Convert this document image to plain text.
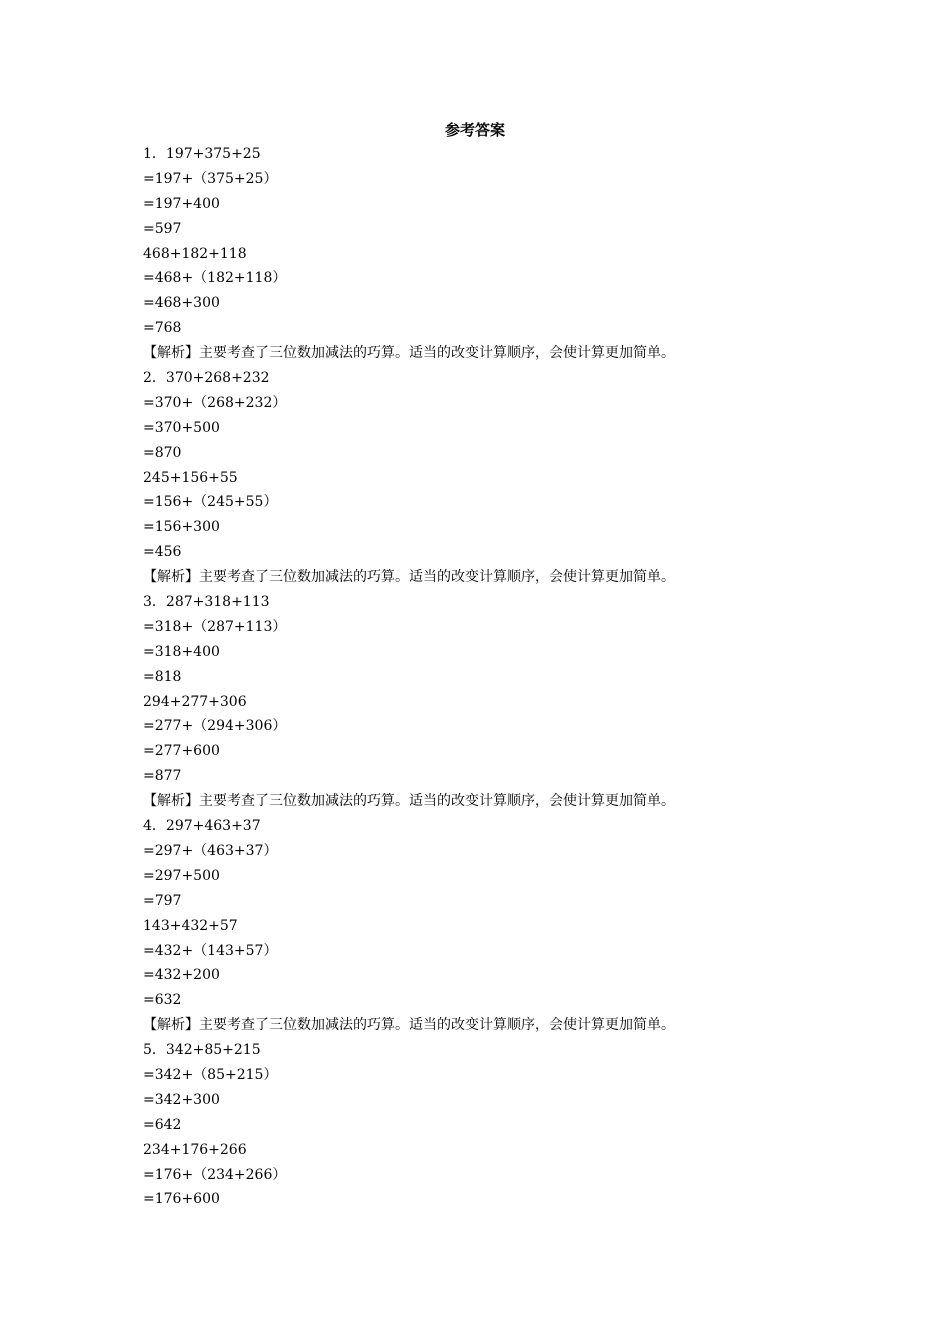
参考答案
1．197+375+25
=197+（375+25）
=197+400
=597
468+182+118
=468+（182+118）
=468+300
=768
【解析】主要考查了三位数加减法的巧算。适当的改变计算顺序，会使计算更加简单。
2．370+268+232
=370+（268+232）
=370+500
=870
245+156+55
=156+（245+55）
=156+300
=456
【解析】主要考查了三位数加减法的巧算。适当的改变计算顺序，会使计算更加简单。
3．287+318+113
=318+（287+113）
=318+400
=818
294+277+306
=277+（294+306）
=277+600
=877
【解析】主要考查了三位数加减法的巧算。适当的改变计算顺序，会使计算更加简单。
4．297+463+37
=297+（463+37）
=297+500
=797
143+432+57
=432+（143+57）
=432+200
=632
【解析】主要考查了三位数加减法的巧算。适当的改变计算顺序，会使计算更加简单。
5．342+85+215
=342+（85+215）
=342+300
=642
234+176+266
=176+（234+266）
=176+600
